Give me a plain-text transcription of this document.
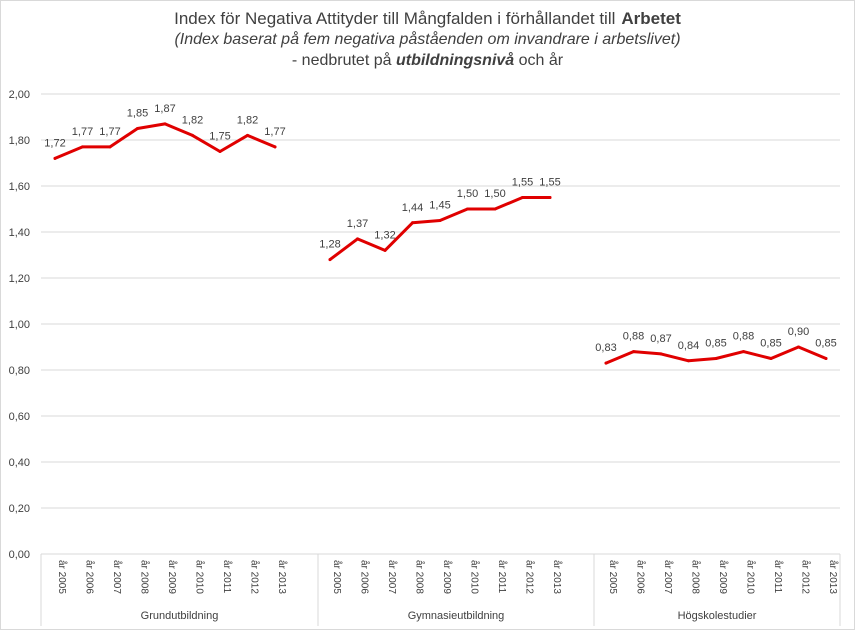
Index för Negativa Attityder till Mångfalden i förhållandet till Arbetet
(Index baserat på fem negativa påståenden om invandrare i arbetslivet)
- nedbrutet på utbildningsnivå och år
0,00
0,20
0,40
0,60
0,80
1,00
1,20
1,40
1,60
1,80
2,00
år 2005 år 2006 år 2007 år 2008 år 2009 år 2010 år 2011 år 2012 år 2013
Grundutbildning
år 2005 år 2006 år 2007 år 2008 år 2009 år 2010 år 2011 år 2012 år 2013
Gymnasieutbildning
år 2005 år 2006 år 2007 år 2008 år 2009 år 2010 år 2011 år 2012 år 2013
Högskolestudier
1,72
1,77 1,77
1,85 1,87
1,82
1,75
1,82
1,77
1,28
1,37
1,32
1,44 1,45
1,50 1,50
1,55 1,55
0,83
0,88 0,87
0,84 0,85
0,88
0,85
0,90
0,85
